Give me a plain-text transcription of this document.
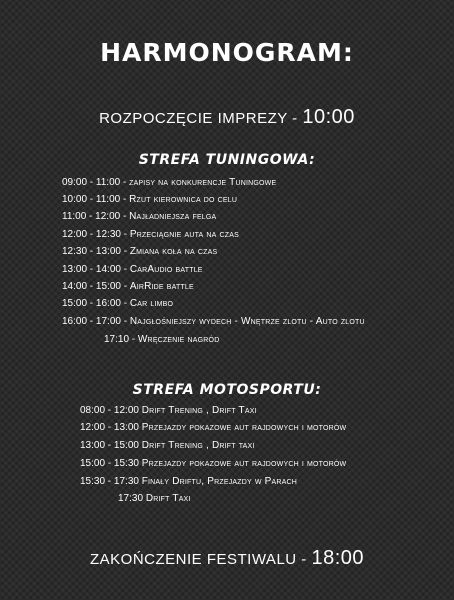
HARMONOGRAM:
ROZPOCZĘCIE IMPREZY - 10:00
STREFA TUNINGOWA:
09:00 - 11:00 - zapisy na konkurencje Tuningowe
10:00 - 11:00 - Rzut kierownica do celu
11:00 - 12:00 - Najładniejsza felga
12:00 - 12:30 - Przeciągnie auta na czas
12:30 - 13:00 - Zmiana koła na czas
13:00 - 14:00 - CarAudio battle
14:00 - 15:00 - AirRide battle
15:00 - 16:00 - Car limbo
16:00 - 17:00 - Najgłośniejszy wydech - Wnętrze zlotu - Auto zlotu
17:10 - Wręczenie nagród
STREFA MOTOSPORTU:
08:00 - 12:00 Drift Trening , Drift Taxi
12:00 - 13:00 Przejazdy pokazowe aut rajdowych i motorów
13:00 - 15:00 Drift Trening , Drift taxi
15:00 - 15:30 Przejazdy pokazowe aut rajdowych i motorów
15:30 - 17:30 Finały Driftu, Przejazdy w Parach
17:30 Drift Taxi
ZAKOŃCZENIE FESTIWALU - 18:00
